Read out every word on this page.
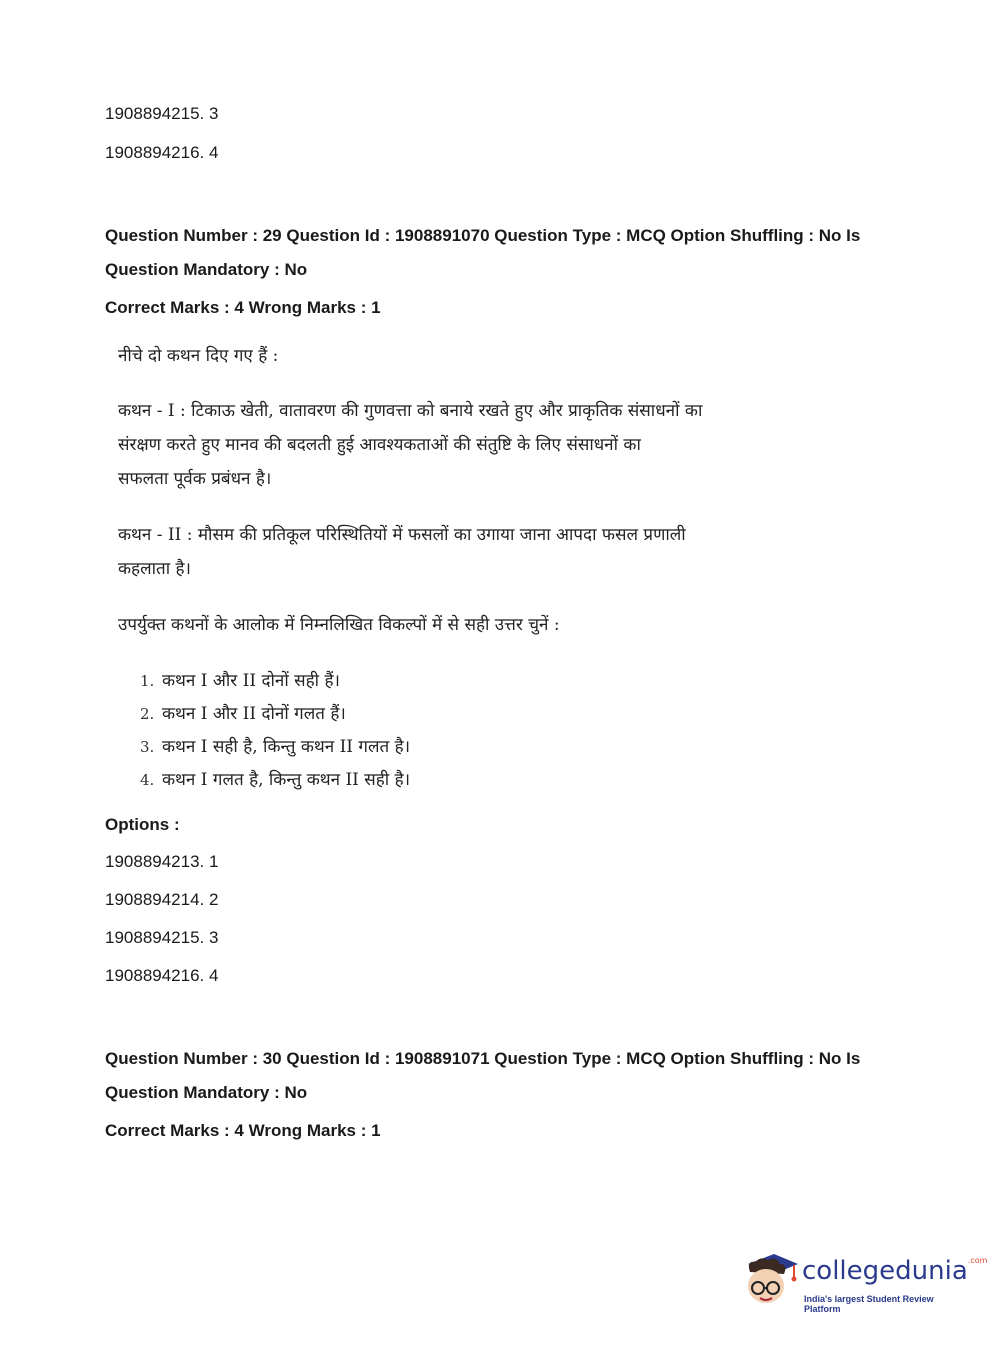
1908894215. 3
1908894216. 4
Question Number : 29 Question Id : 1908891070 Question Type : MCQ Option Shuffling : No Is
Question Mandatory : No
Correct Marks : 4 Wrong Marks : 1
नीचे दो कथन दिए गए हैं :
कथन - I : टिकाऊ खेती, वातावरण की गुणवत्ता को बनाये रखते हुए और प्राकृतिक संसाधनों का
संरक्षण करते हुए मानव की बदलती हुई आवश्यकताओं की संतुष्टि के लिए संसाधनों का
सफलता पूर्वक प्रबंधन है।
कथन - II : मौसम की प्रतिकूल परिस्थितियों में फसलों का उगाया जाना आपदा फसल प्रणाली
कहलाता है।
उपर्युक्त कथनों के आलोक में निम्नलिखित विकल्पों में से सही उत्तर चुनें :
1. कथन I और II दोनों सही हैं।
2. कथन I और II दोनों गलत हैं।
3. कथन I सही है, किन्तु कथन II गलत है।
4. कथन I गलत है, किन्तु कथन II सही है।
Options :
1908894213. 1
1908894214. 2
1908894215. 3
1908894216. 4
Question Number : 30 Question Id : 1908891071 Question Type : MCQ Option Shuffling : No Is
Question Mandatory : No
Correct Marks : 4 Wrong Marks : 1
collegedunia$^{.com}$
India's largest Student Review Platform
